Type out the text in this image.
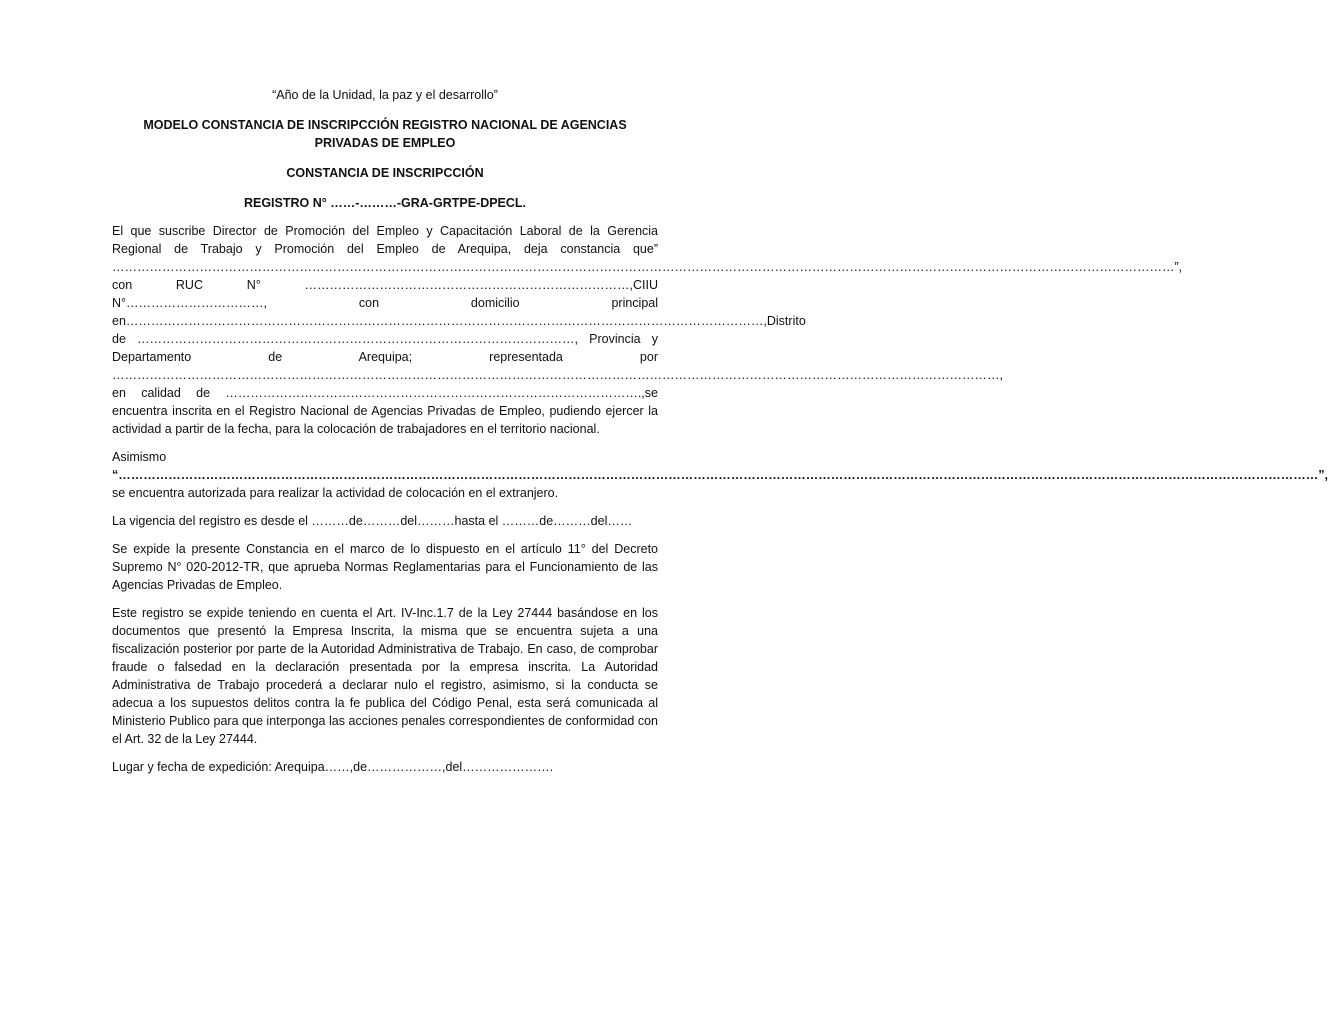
“Año de la Unidad, la paz y el desarrollo”
MODELO CONSTANCIA DE INSCRIPCCIÓN REGISTRO NACIONAL DE AGENCIAS PRIVADAS DE EMPLEO
CONSTANCIA DE INSCRIPCCIÓN
REGISTRO N° ……-………-GRA-GRTPE-DPECL.

El que suscribe Director de Promoción del Empleo y Capacitación Laboral de la Gerencia Regional de Trabajo y Promoción del Empleo de Arequipa, deja constancia que” …………………………………………………………………………………………………………………………………………………………………………………………………………………………………”, con RUC N° ……………………………………………………………………,CIIU N°……………………………, con domicilio principal en………………………………………………………………………………………………………………………………………,Distrito de ……………………………………………………………………………………………, Provincia y Departamento de Arequipa; representada por ……………………………………………………………………………………………………………………………………………………………………………………………, en calidad de ……………………………………………………………………………………….,se encuentra inscrita en el Registro Nacional de Agencias Privadas de Empleo, pudiendo ejercer la actividad a partir de la fecha, para la colocación de trabajadores en el territorio nacional.

Asimismo “………………………………………………………………………………………………………………………………………………………………………………………………………………………………………………………………”, se encuentra autorizada para realizar la actividad de colocación en el extranjero.

La vigencia del registro es desde el ………de………del………hasta el ………de………del……

Se expide la presente Constancia en el marco de lo dispuesto en el artículo 11° del Decreto Supremo N° 020-2012-TR, que aprueba Normas Reglamentarias para el Funcionamiento de las Agencias Privadas de Empleo.

Este registro se expide teniendo en cuenta el Art. IV-Inc.1.7 de la Ley 27444 basándose en los documentos que presentó la Empresa Inscrita, la misma que se encuentra sujeta a una fiscalización posterior por parte de la Autoridad Administrativa de Trabajo. En caso, de comprobar fraude o falsedad en la declaración presentada por la empresa inscrita. La Autoridad Administrativa de Trabajo procederá a declarar nulo el registro, asimismo, si la conducta se adecua a los supuestos delitos contra la fe publica del Código Penal, esta será comunicada al Ministerio Publico para que interponga las acciones penales correspondientes de conformidad con el Art. 32 de la Ley 27444.

Lugar y fecha de expedición: Arequipa……,de………………,del………………….
